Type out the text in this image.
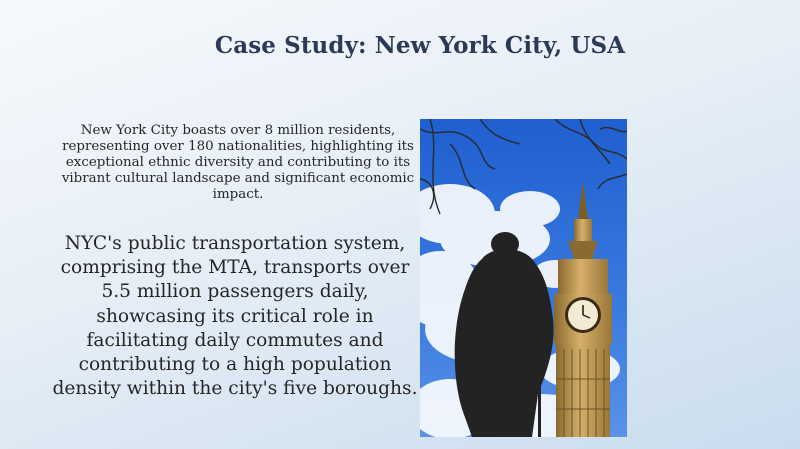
Case Study: New York City, USA
New York City boasts over 8 million residents, representing over 180 nationalities, highlighting its exceptional ethnic diversity and contributing to its vibrant cultural landscape and significant economic impact.
NYC's public transportation system, comprising the MTA, transports over 5.5 million passengers daily, showcasing its critical role in facilitating daily commutes and contributing to a high population density within the city's five boroughs.
